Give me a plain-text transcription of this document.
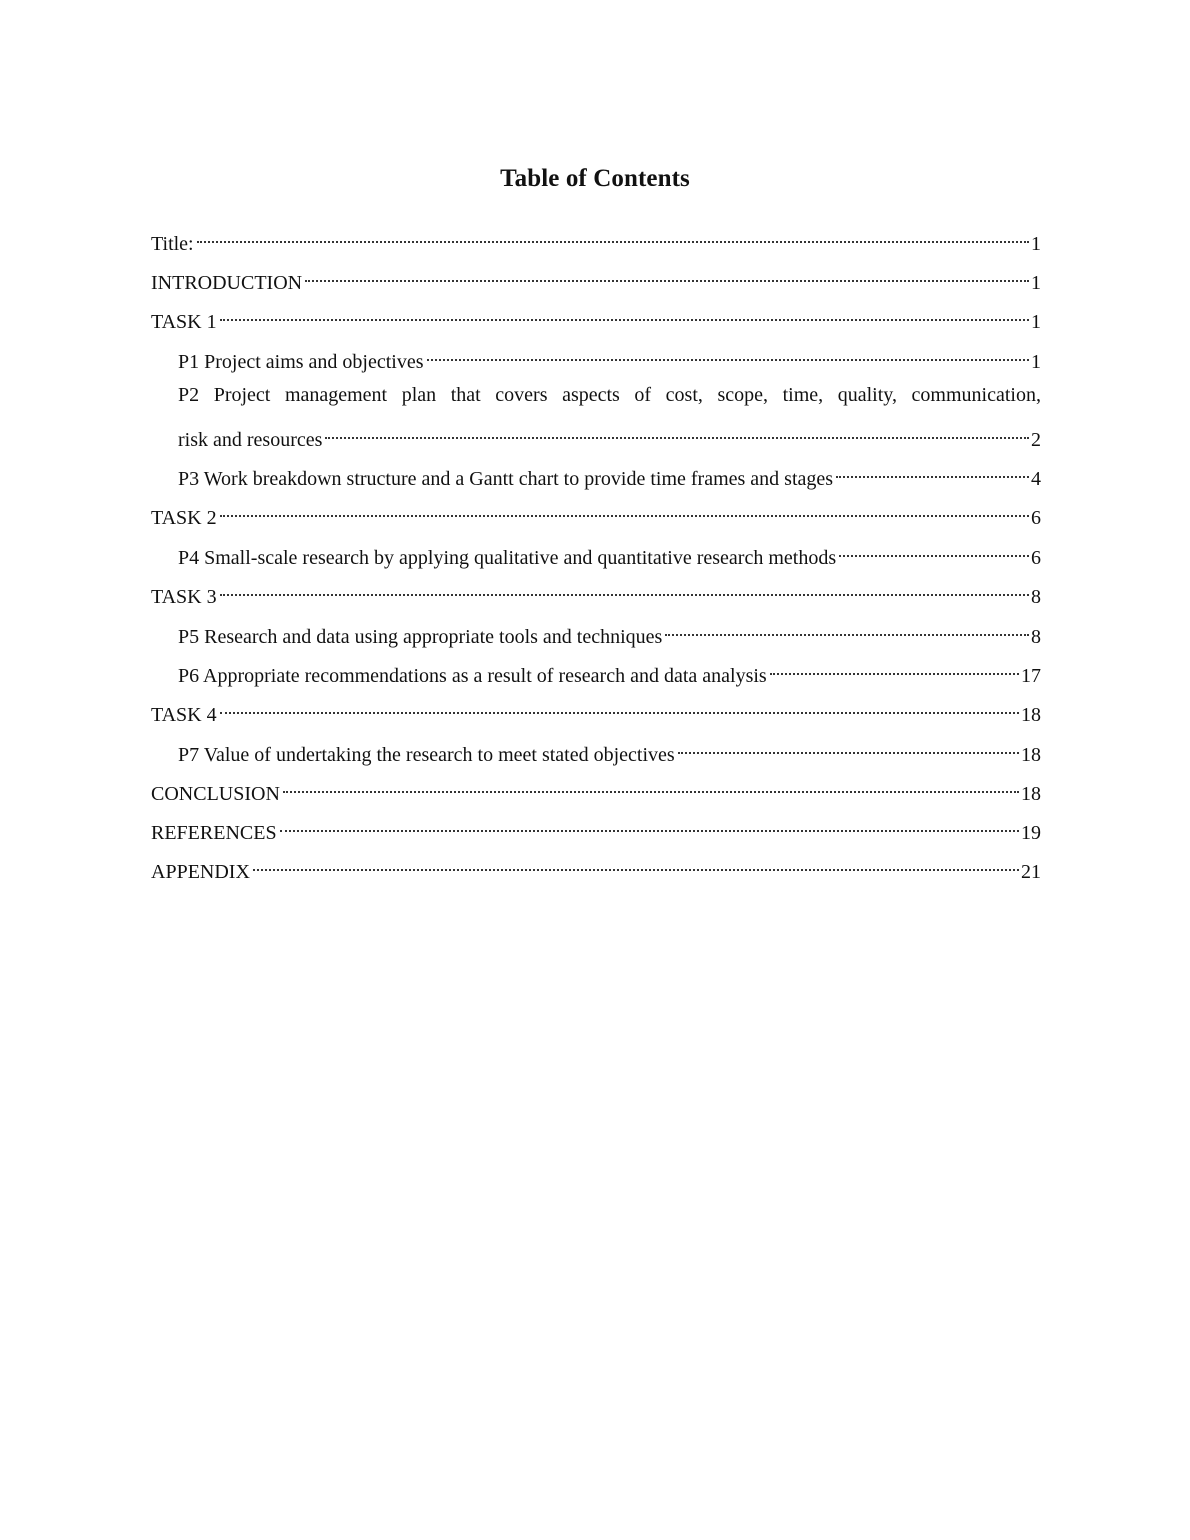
Table of Contents
Title:	1
INTRODUCTION	1
TASK 1	1
P1 Project aims and objectives	1
P2 Project management plan that covers aspects of cost, scope, time, quality, communication,
risk and resources	2
P3 Work breakdown structure and a Gantt chart to provide time frames and stages	4
TASK 2	6
P4 Small-scale research by applying qualitative and quantitative research methods	6
TASK 3	8
P5 Research and data using appropriate tools and techniques	8
P6 Appropriate recommendations as a result of research and data analysis	17
TASK 4	18
P7 Value of undertaking the research to meet stated objectives	18
CONCLUSION	18
REFERENCES	19
APPENDIX	21
